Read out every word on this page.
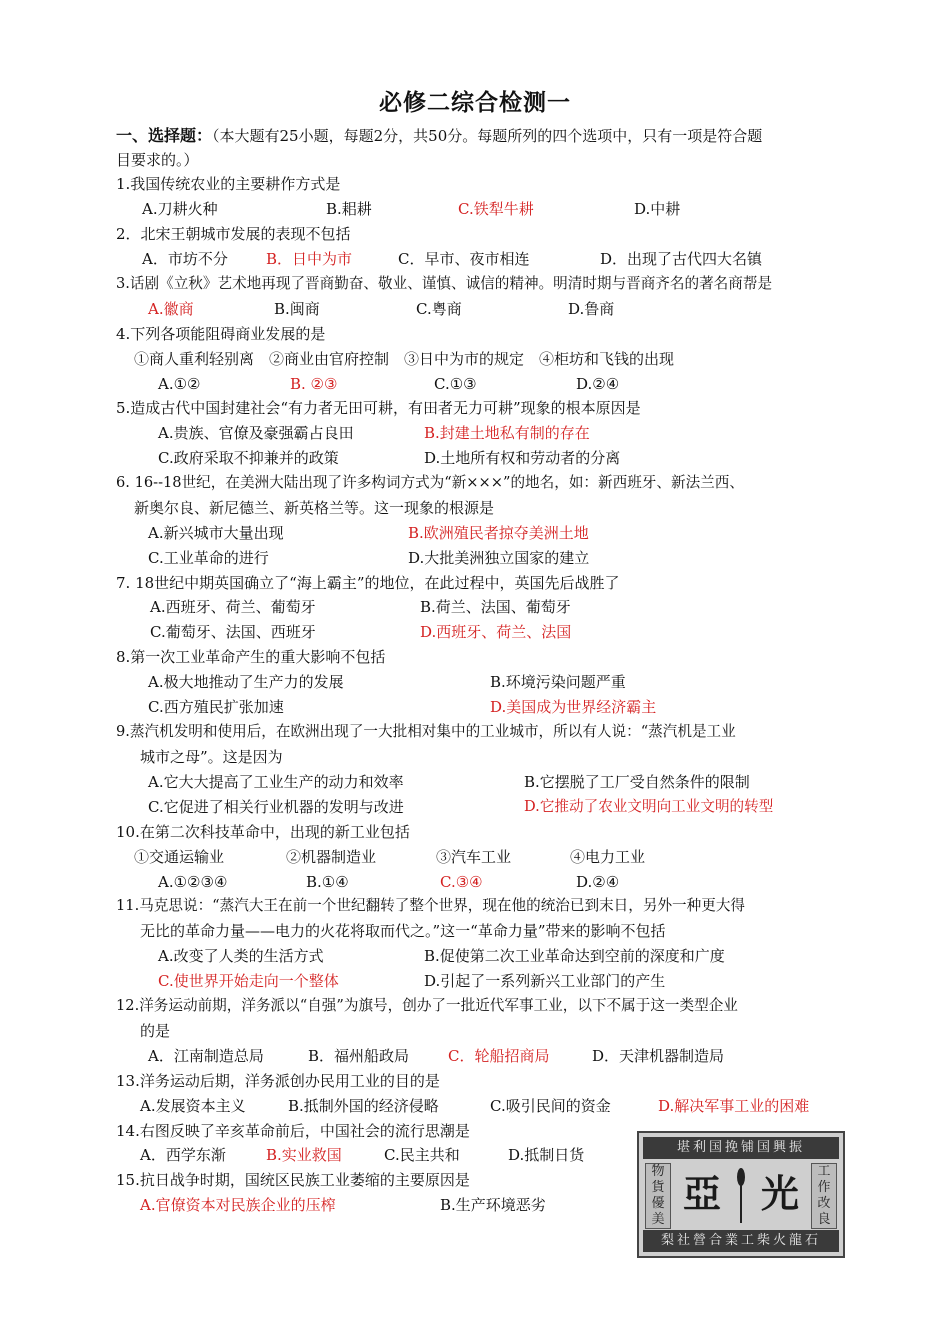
必修二综合检测一
一、选择题：（本大题有25小题，每题2分，共50分。每题所列的四个选项中，只有一项是符合题
目要求的。）
1.我国传统农业的主要耕作方式是
A.刀耕火种	B.耜耕	C.铁犁牛耕	D.中耕
2．北宋王朝城市发展的表现不包括
A．市坊不分	B．日中为市	C．早市、夜市相连	D．出现了古代四大名镇
3.话剧《立秋》艺术地再现了晋商勤奋、敬业、谨慎、诚信的精神。明清时期与晋商齐名的著名商帮是
A.徽商	B.闽商	C.粤商	D.鲁商
4.下列各项能阻碍商业发展的是
①商人重利轻别离　②商业由官府控制　③日中为市的规定　④柜坊和飞钱的出现
A.①②	B. ②③	C.①③	D.②④
5.造成古代中国封建社会“有力者无田可耕，有田者无力可耕”现象的根本原因是
A.贵族、官僚及豪强霸占良田	B.封建土地私有制的存在
C.政府采取不抑兼并的政策	D.土地所有权和劳动者的分离
6. 16--18世纪，在美洲大陆出现了许多构词方式为“新×××”的地名，如：新西班牙、新法兰西、
新奥尔良、新尼德兰、新英格兰等。这一现象的根源是
A.新兴城市大量出现	B.欧洲殖民者掠夺美洲土地
C.工业革命的进行	D.大批美洲独立国家的建立
7. 18世纪中期英国确立了“海上霸主”的地位，在此过程中，英国先后战胜了
A.西班牙、荷兰、葡萄牙	B.荷兰、法国、葡萄牙
C.葡萄牙、法国、西班牙	D.西班牙、荷兰、法国
8.第一次工业革命产生的重大影响不包括
A.极大地推动了生产力的发展	B.环境污染问题严重
C.西方殖民扩张加速	D.美国成为世界经济霸主
9.蒸汽机发明和使用后，在欧洲出现了一大批相对集中的工业城市，所以有人说：“蒸汽机是工业
城市之母”。这是因为
A.它大大提高了工业生产的动力和效率	B.它摆脱了工厂受自然条件的限制
C.它促进了相关行业机器的发明与改进	D.它推动了农业文明向工业文明的转型
10.在第二次科技革命中，出现的新工业包括
①交通运输业	②机器制造业	③汽车工业	④电力工业
A.①②③④	B.①④	C.③④	D.②④
11.马克思说：“蒸汽大王在前一个世纪翻转了整个世界，现在他的统治已到末日，另外一种更大得
无比的革命力量——电力的火花将取而代之。”这一“革命力量”带来的影响不包括
A.改变了人类的生活方式	B.促使第二次工业革命达到空前的深度和广度
C.使世界开始走向一个整体	D.引起了一系列新兴工业部门的产生
12.洋务运动前期，洋务派以“自强”为旗号，创办了一批近代军事工业，以下不属于这一类型企业
的是
A．江南制造总局	B．福州船政局	C．轮船招商局	D．天津机器制造局
13.洋务运动后期，洋务派创办民用工业的目的是
A.发展资本主义	B.抵制外国的经济侵略	C.吸引民间的资金	D.解决军事工业的困难
14.右图反映了辛亥革命前后，中国社会的流行思潮是
A．西学东渐	B.实业救国	C.民主共和	D.抵制日货
15.抗日战争时期，国统区民族工业萎缩的主要原因是
A.官僚资本对民族企业的压榨	B.生产环境恶劣
堪利国挽铺国興振
物貨優美
工作改良
亞 光
梨社營合業工柴火龍石
